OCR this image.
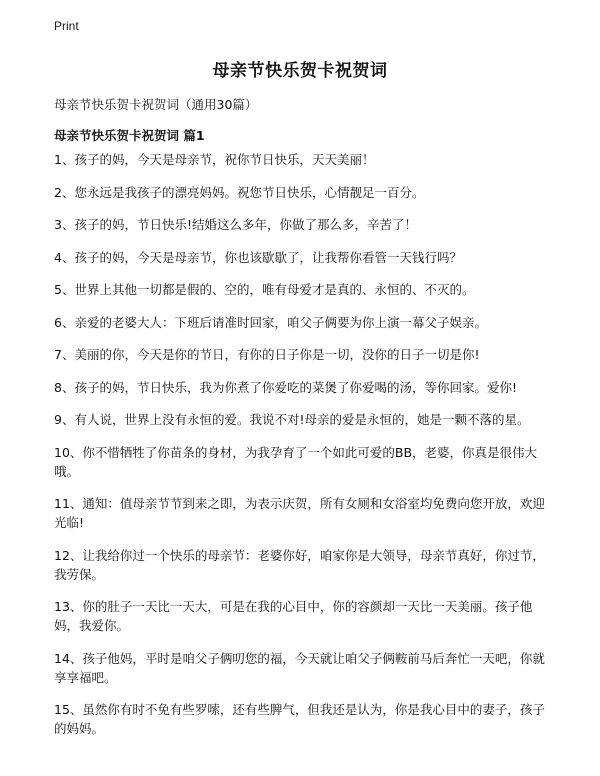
Print
母亲节快乐贺卡祝贺词
母亲节快乐贺卡祝贺词（通用30篇）
母亲节快乐贺卡祝贺词 篇1
1、孩子的妈，今天是母亲节，祝你节日快乐，天天美丽！
2、您永远是我孩子的漂亮妈妈。祝您节日快乐，心情靓足一百分。
3、孩子的妈，节日快乐!结婚这么多年，你做了那么多，辛苦了！
4、孩子的妈，今天是母亲节，你也该歇歇了，让我帮你看管一天钱行吗？
5、世界上其他一切都是假的、空的，唯有母爱才是真的、永恒的、不灭的。
6、亲爱的老婆大人：下班后请准时回家，咱父子俩要为你上演一幕父子娱亲。
7、美丽的你，今天是你的节日，有你的日子你是一切，没你的日子一切是你!
8、孩子的妈，节日快乐，我为你煮了你爱吃的菜煲了你爱喝的汤，等你回家。爱你!
9、有人说，世界上没有永恒的爱。我说不对!母亲的爱是永恒的，她是一颗不落的星。
10、你不惜牺牲了你苗条的身材，为我孕育了一个如此可爱的BB，老婆，你真是很伟大哦。
11、通知：值母亲节节到来之即，为表示庆贺，所有女厕和女浴室均免费向您开放，欢迎光临!
12、让我给你过一个快乐的母亲节：老婆你好，咱家你是大领导，母亲节真好，你过节，我劳保。
13、你的肚子一天比一天大，可是在我的心目中，你的容颜却一天比一天美丽。孩子他妈，我爱你。
14、孩子他妈，平时是咱父子俩叨您的福，今天就让咱父子俩鞍前马后奔忙一天吧，你就享享福吧。
15、虽然你有时不免有些罗嗦，还有些脾气，但我还是认为，你是我心目中的妻子，孩子的妈妈。
